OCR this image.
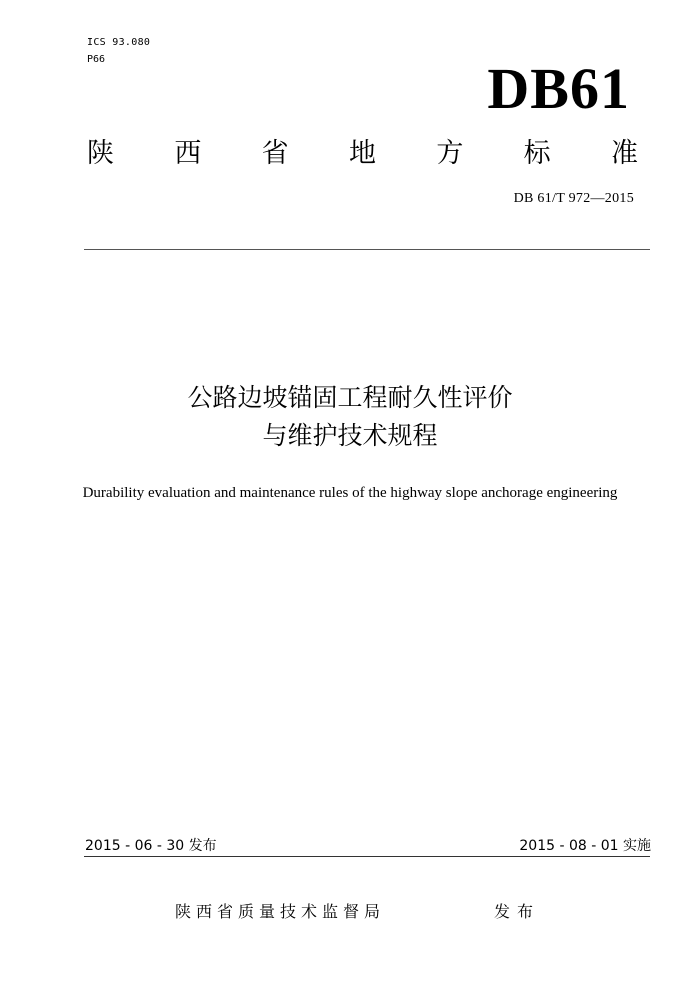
ICS 93.080
P66	DB61
陕 西 省 地 方 标 准
DB 61/T 972—2015
公路边坡锚固工程耐久性评价
与维护技术规程
Durability evaluation and maintenance rules of the highway slope anchorage engineering
2015 - 06 - 30 发布	2015 - 08 - 01 实施
陕西省质量技术监督局	发布
